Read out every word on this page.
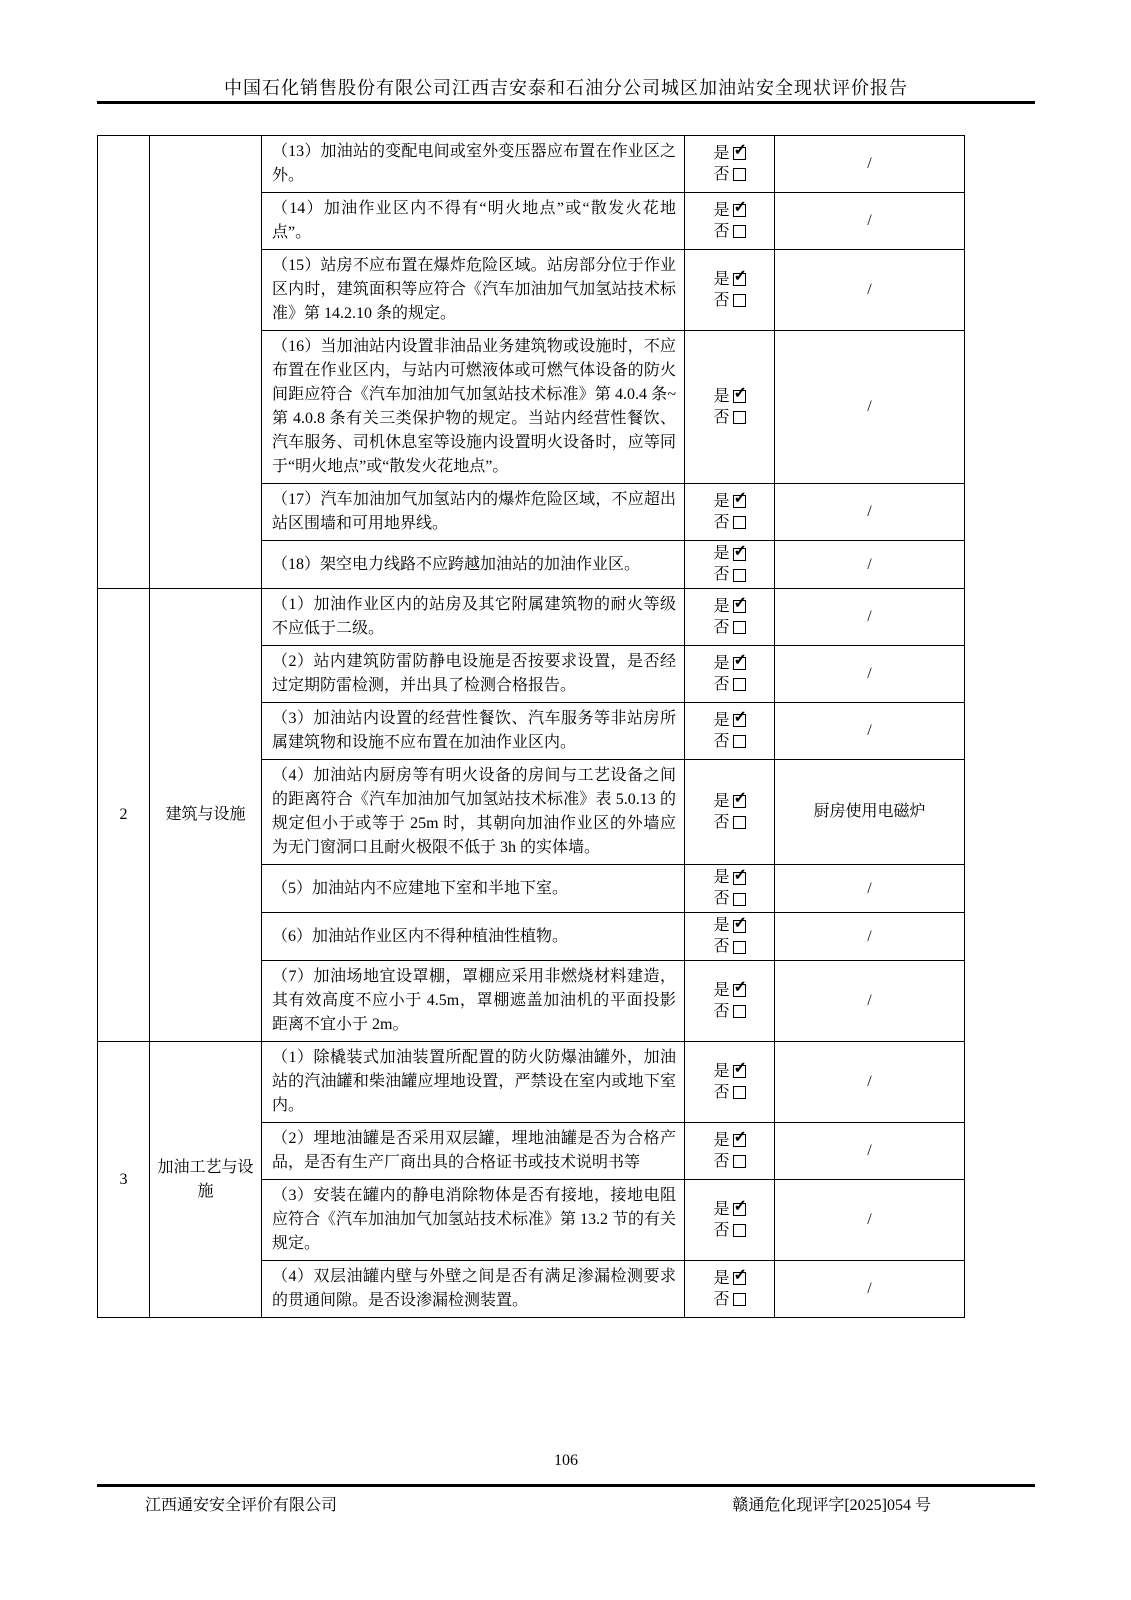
中国石化销售股份有限公司江西吉安泰和石油分公司城区加油站安全现状评价报告
		（13）加油站的变配电间或室外变压器应布置在作业区之外。	是
✓
否	/
		（14）加油作业区内不得有“明火地点”或“散发火花地点”。	是
✓
否	/
		（15）站房不应布置在爆炸危险区域。站房部分位于作业区内时，建筑面积等应符合《汽车加油加气加氢站技术标准》第 14.2.10 条的规定。	是
✓
否	/
		（16）当加油站内设置非油品业务建筑物或设施时，不应布置在作业区内，与站内可燃液体或可燃气体设备的防火间距应符合《汽车加油加气加氢站技术标准》第 4.0.4 条~第 4.0.8 条有关三类保护物的规定。当站内经营性餐饮、汽车服务、司机休息室等设施内设置明火设备时，应等同于“明火地点”或“散发火花地点”。	是
✓
否	/
		（17）汽车加油加气加氢站内的爆炸危险区域，不应超出站区围墙和可用地界线。	是
✓
否	/
		（18）架空电力线路不应跨越加油站的加油作业区。	是
✓
否	/
2	建筑与设施	（1）加油作业区内的站房及其它附属建筑物的耐火等级不应低于二级。	是
✓
否	/
		（2）站内建筑防雷防静电设施是否按要求设置，是否经过定期防雷检测，并出具了检测合格报告。	是
✓
否	/
		（3）加油站内设置的经营性餐饮、汽车服务等非站房所属建筑物和设施不应布置在加油作业区内。	是
✓
否	/
		（4）加油站内厨房等有明火设备的房间与工艺设备之间的距离符合《汽车加油加气加氢站技术标准》表 5.0.13 的规定但小于或等于 25m 时，其朝向加油作业区的外墙应为无门窗洞口且耐火极限不低于 3h 的实体墙。	是
✓
否	厨房使用电磁炉
		（5）加油站内不应建地下室和半地下室。	是
✓
否	/
		（6）加油站作业区内不得种植油性植物。	是
✓
否	/
		（7）加油场地宜设罩棚，罩棚应采用非燃烧材料建造，其有效高度不应小于 4.5m，罩棚遮盖加油机的平面投影距离不宜小于 2m。	是
✓
否	/
3	加油工艺与设施	（1）除橇装式加油装置所配置的防火防爆油罐外，加油站的汽油罐和柴油罐应埋地设置，严禁设在室内或地下室内。	是
✓
否	/
		（2）埋地油罐是否采用双层罐，埋地油罐是否为合格产品，是否有生产厂商出具的合格证书或技术说明书等	是
✓
否	/
		（3）安装在罐内的静电消除物体是否有接地，接地电阻应符合《汽车加油加气加氢站技术标准》第 13.2 节的有关规定。	是
✓
否	/
		（4）双层油罐内壁与外壁之间是否有满足渗漏检测要求的贯通间隙。是否设渗漏检测装置。	是
✓
否	/
106
江西通安安全评价有限公司	赣通危化现评字[2025]054 号
